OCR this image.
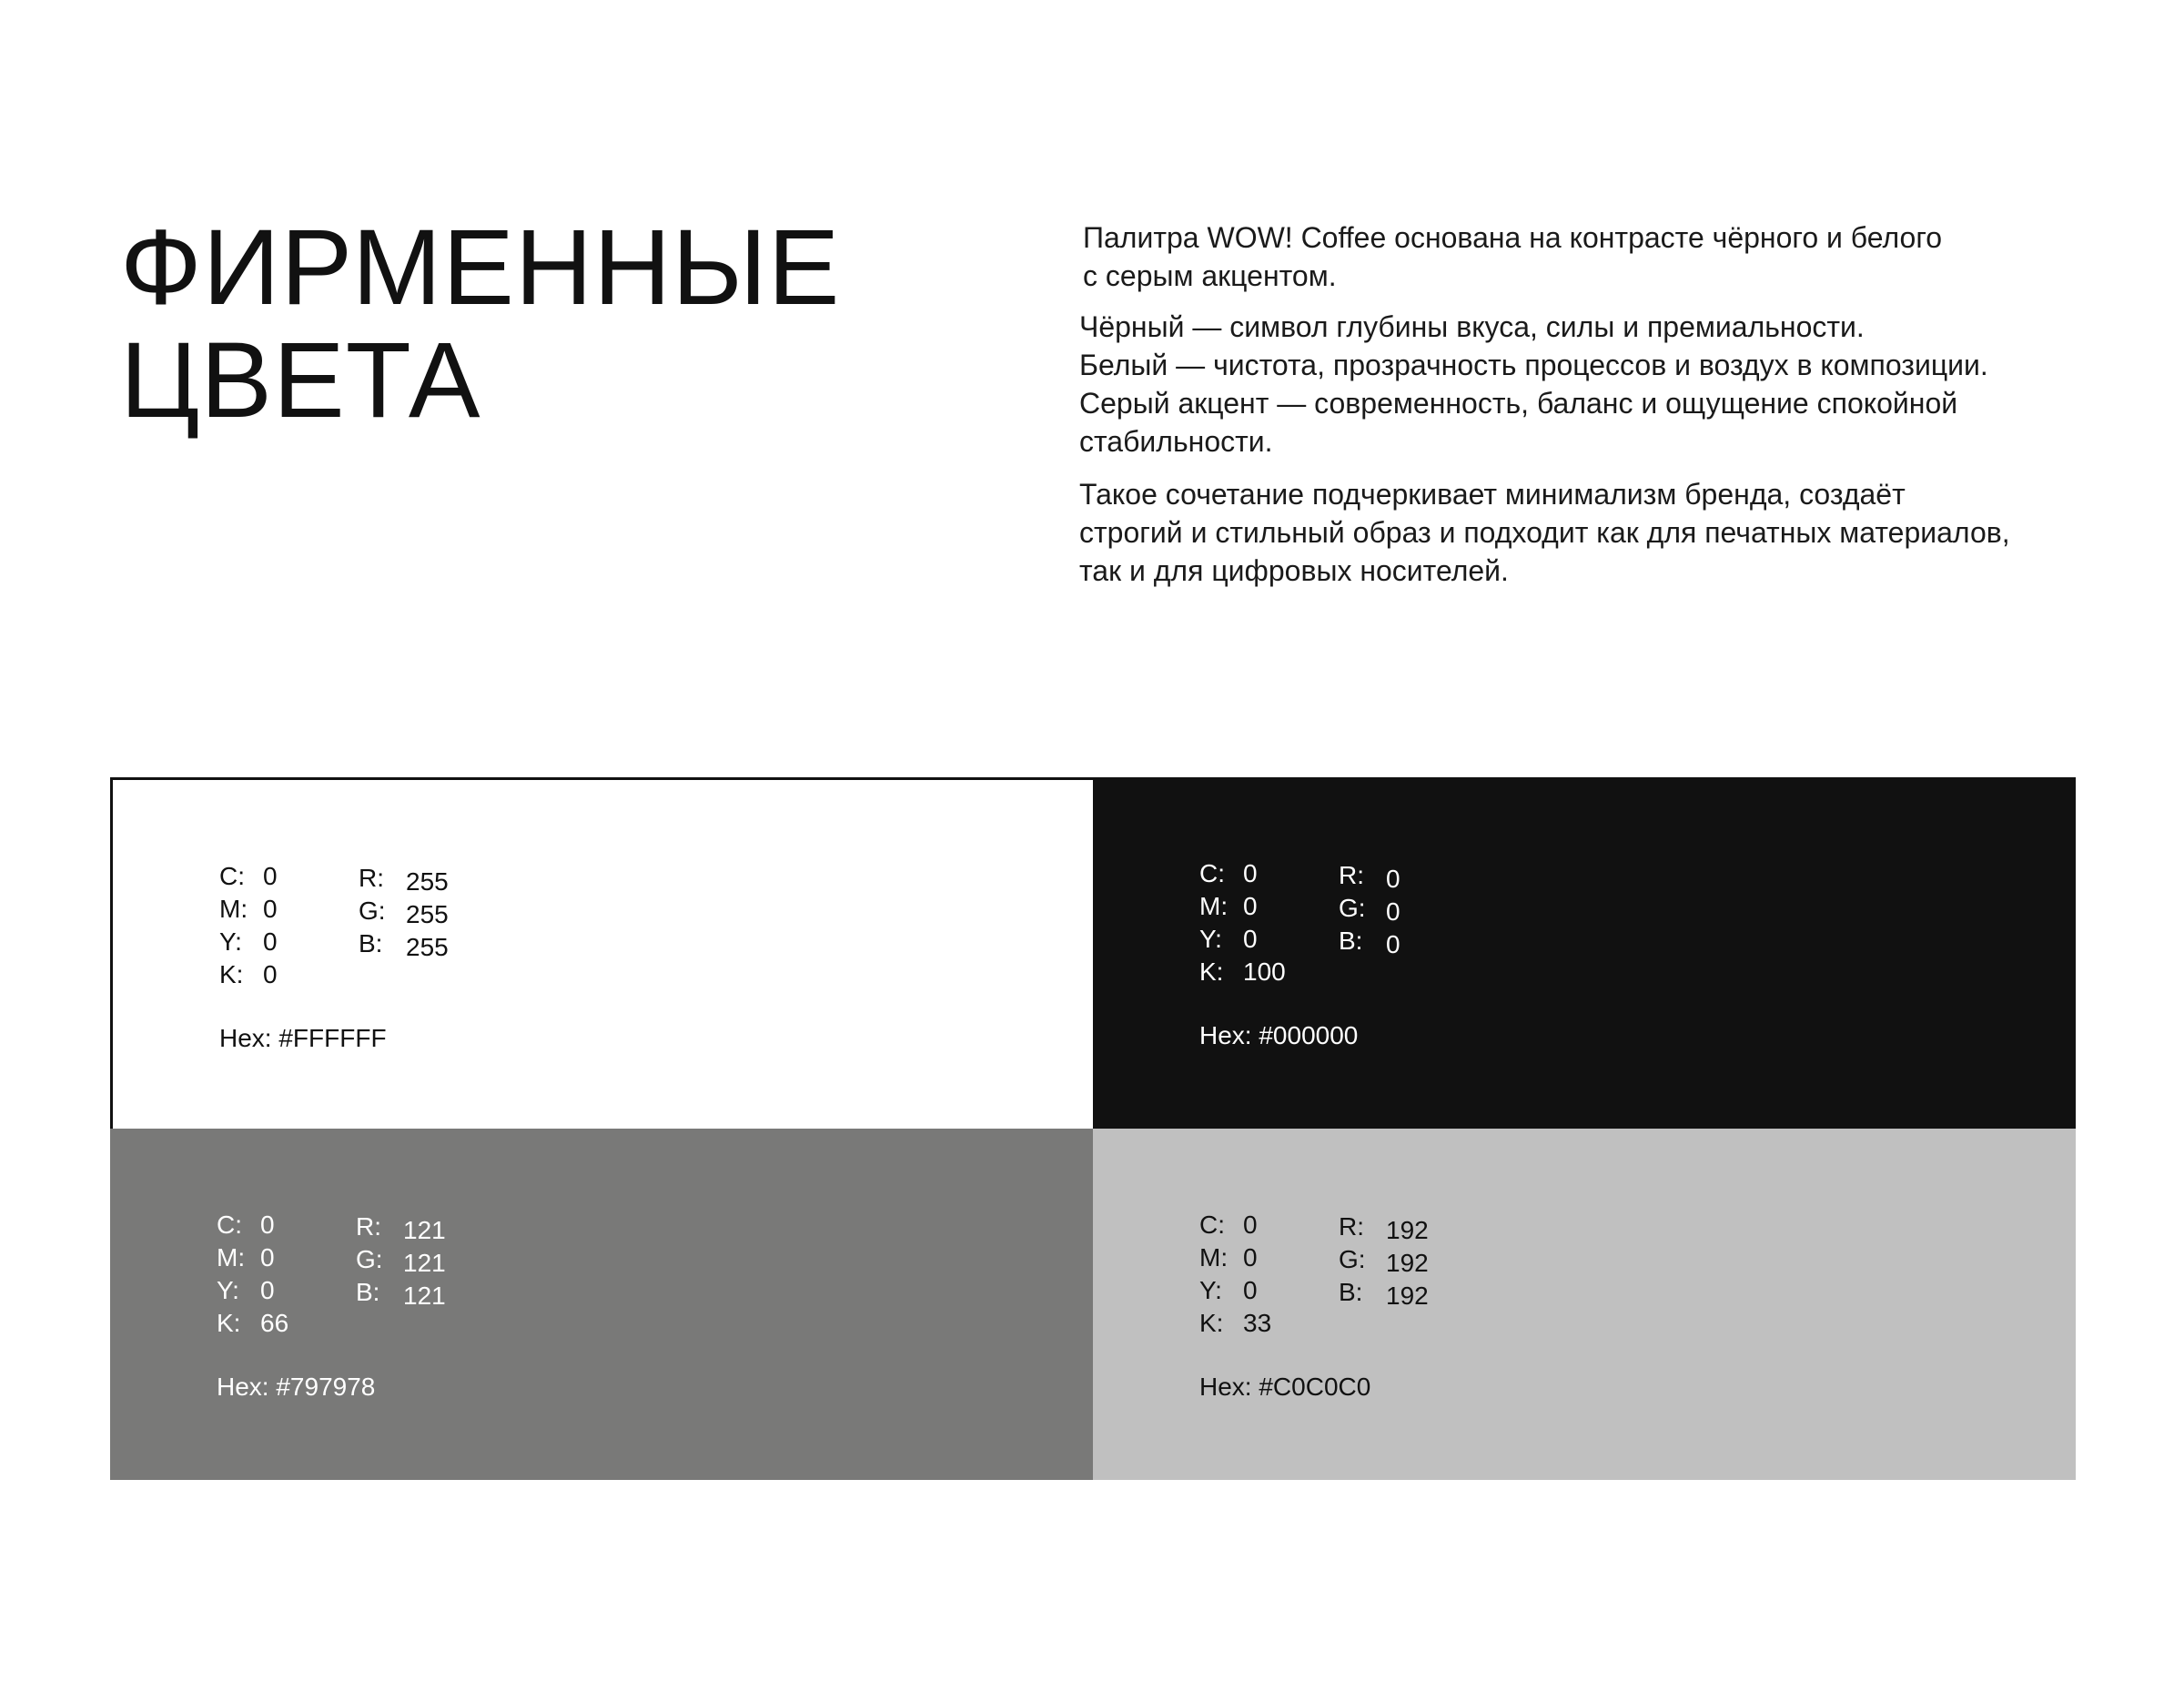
ФИРМЕННЫЕ
ЦВЕТА

Палитра WOW! Coffee основана на контрасте чёрного и белого
с серым акцентом.

Чёрный — символ глубины вкуса, силы и премиальности.
Белый — чистота, прозрачность процессов и воздух в композиции.
Серый акцент — современность, баланс и ощущение спокойной
стабильности.

Такое сочетание подчеркивает минимализм бренда, создаёт
строгий и стильный образ и подходит как для печатных материалов,
так и для цифровых носителей.

C: 0
M: 0
Y: 0
K: 0
R: 255
G: 255
B: 255
Hex: #FFFFFF
C: 0
M: 0
Y: 0
K: 100
R: 0
G: 0
B: 0
Hex: #000000
C: 0
M: 0
Y: 0
K: 66
R: 121
G: 121
B: 121
Hex: #797978
C: 0
M: 0
Y: 0
K: 33
R: 192
G: 192
B: 192
Hex: #C0C0C0
